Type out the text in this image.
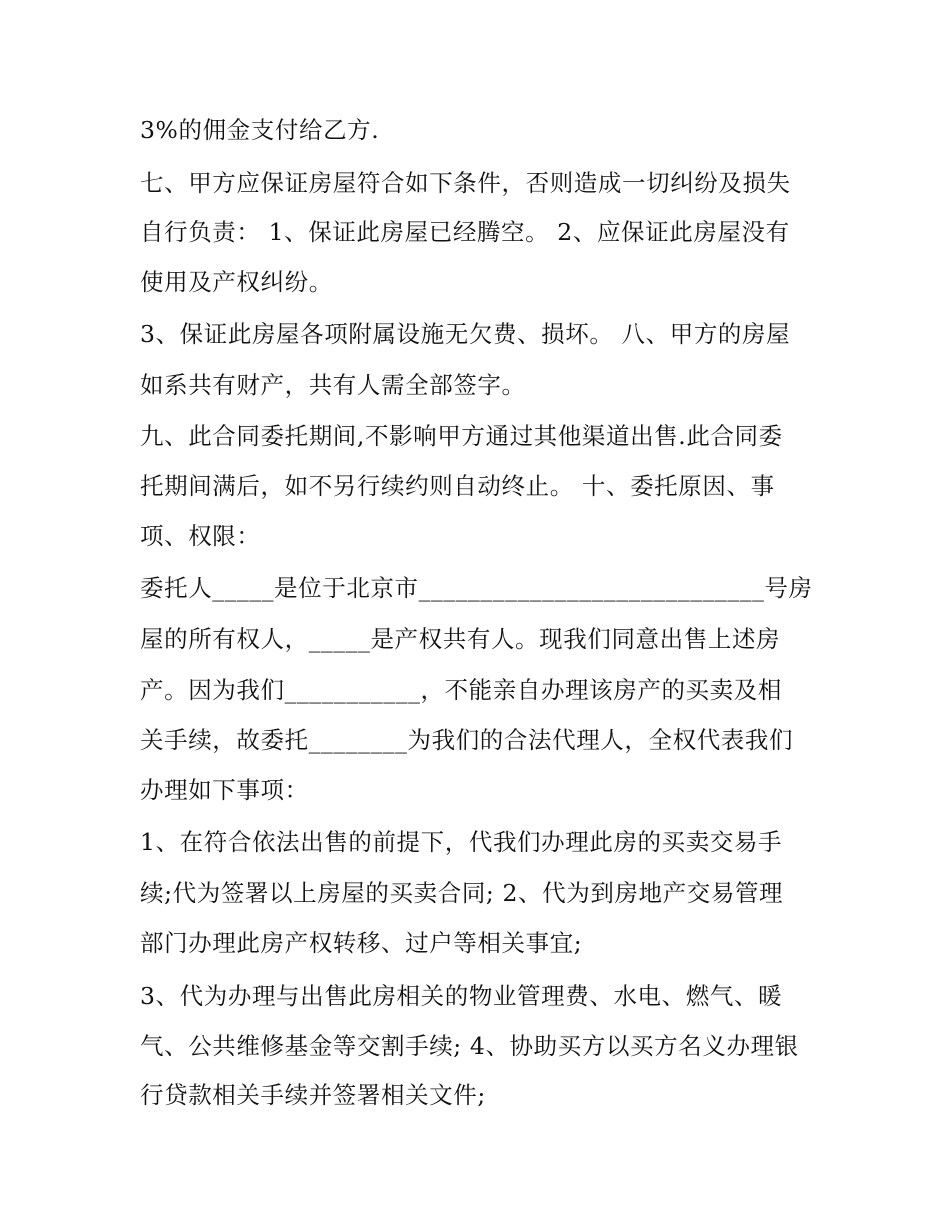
3%的佣金支付给乙方.

七、甲方应保证房屋符合如下条件，否则造成一切纠纷及损失

自行负责： 1、保证此房屋已经腾空。 2、应保证此房屋没有

使用及产权纠纷。

3、保证此房屋各项附属设施无欠费、损坏。 八、甲方的房屋

如系共有财产，共有人需全部签字。

九、此合同委托期间,不影响甲方通过其他渠道出售.此合同委

托期间满后，如不另行续约则自动终止。 十、委托原因、事

项、权限：

委托人_____是位于北京市____________________________号房

屋的所有权人，_____是产权共有人。现我们同意出售上述房

产。因为我们___________，不能亲自办理该房产的买卖及相

关手续，故委托________为我们的合法代理人，全权代表我们

办理如下事项：

1、在符合依法出售的前提下，代我们办理此房的买卖交易手

续;代为签署以上房屋的买卖合同; 2、代为到房地产交易管理

部门办理此房产权转移、过户等相关事宜;

3、代为办理与出售此房相关的物业管理费、水电、燃气、暖

气、公共维修基金等交割手续; 4、协助买方以买方名义办理银

行贷款相关手续并签署相关文件;
